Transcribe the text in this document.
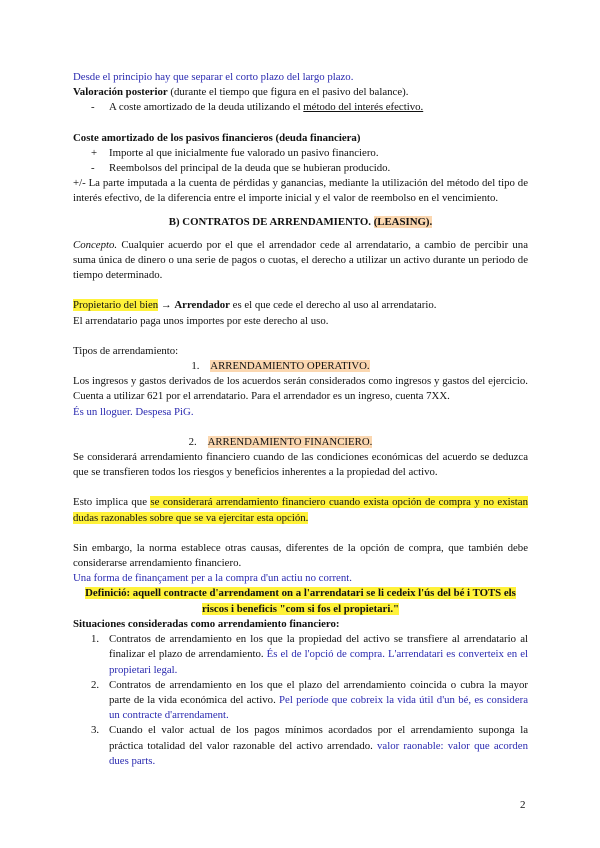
Desde el principio hay que separar el corto plazo del largo plazo.

Valoración posterior (durante el tiempo que figura en el pasivo del balance).

- A coste amortizado de la deuda utilizando el método del interés efectivo.

Coste amortizado de los pasivos financieros (deuda financiera)

+ Importe al que inicialmente fue valorado un pasivo financiero.

- Reembolsos del principal de la deuda que se hubieran producido.

+/- La parte imputada a la cuenta de pérdidas y ganancias, mediante la utilización del método del tipo de interés efectivo, de la diferencia entre el importe inicial y el valor de reembolso en el vencimiento.

B) CONTRATOS DE ARRENDAMIENTO. (LEASING).

Concepto. Cualquier acuerdo por el que el arrendador cede al arrendatario, a cambio de percibir una suma única de dinero o una serie de pagos o cuotas, el derecho a utilizar un activo durante un periodo de tiempo determinado.

Propietario del bien → Arrendador es el que cede el derecho al uso al arrendatario.

El arrendatario paga unos importes por este derecho al uso.

Tipos de arrendamiento:

1. ARRENDAMIENTO OPERATIVO.

Los ingresos y gastos derivados de los acuerdos serán considerados como ingresos y gastos del ejercicio. Cuenta a utilizar 621 por el arrendatario. Para el arrendador es un ingreso, cuenta 7XX.

És un lloguer. Despesa PiG.

2. ARRENDAMIENTO FINANCIERO.

Se considerará arrendamiento financiero cuando de las condiciones económicas del acuerdo se deduzca que se transfieren todos los riesgos y beneficios inherentes a la propiedad del activo.

Esto implica que se considerará arrendamiento financiero cuando exista opción de compra y no existan dudas razonables sobre que se va ejercitar esta opción.

Sin embargo, la norma establece otras causas, diferentes de la opción de compra, que también debe considerarse arrendamiento financiero.

Una forma de finançament per a la compra d'un actiu no corrent.

Definició: aquell contracte d'arrendament on a l'arrendatari se li cedeix l'ús del bé i TOTS els riscos i beneficis "com si fos el propietari."

Situaciones consideradas como arrendamiento financiero:

1. Contratos de arrendamiento en los que la propiedad del activo se transfiere al arrendatario al finalizar el plazo de arrendamiento. És el de l'opció de compra. L'arrendatari es converteix en el propietari legal.

2. Contratos de arrendamiento en los que el plazo del arrendamiento coincida o cubra la mayor parte de la vida económica del activo. Pel període que cobreix la vida útil d'un bé, es considera un contracte d'arrendament.

3. Cuando el valor actual de los pagos mínimos acordados por el arrendamiento suponga la práctica totalidad del valor razonable del activo arrendado. valor raonable: valor que acorden dues parts.

2
